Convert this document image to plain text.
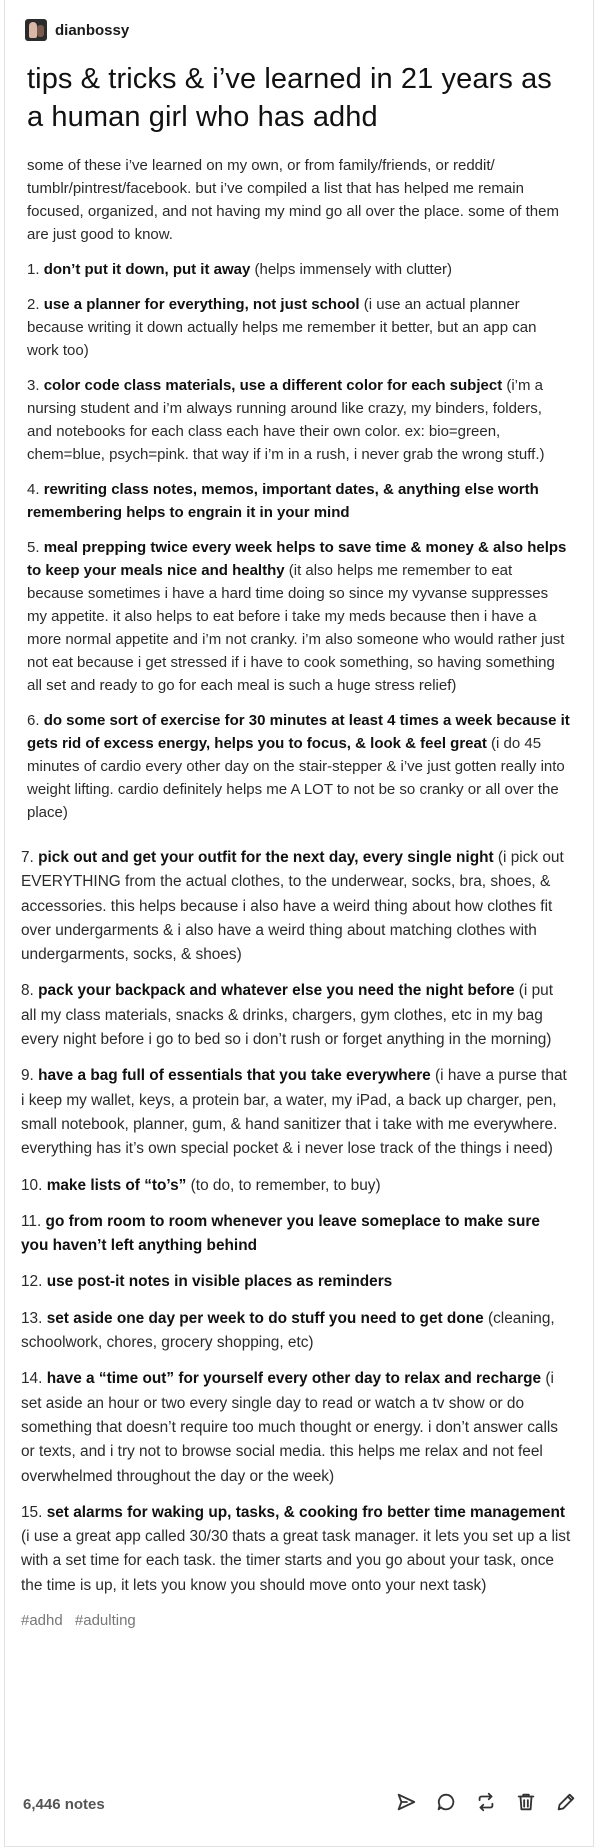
dianbossy
tips & tricks & i’ve learned in 21 years as a human girl who has adhd
some of these i’ve learned on my own, or from family/friends, or reddit/ tumblr/pintrest/facebook. but i’ve compiled a list that has helped me remain focused, organized, and not having my mind go all over the place. some of them are just good to know.
1. don’t put it down, put it away (helps immensely with clutter)
2. use a planner for everything, not just school (i use an actual planner because writing it down actually helps me remember it better, but an app can work too)
3. color code class materials, use a different color for each subject (i’m a nursing student and i’m always running around like crazy, my binders, folders, and notebooks for each class each have their own color. ex: bio=green, chem=blue, psych=pink. that way if i’m in a rush, i never grab the wrong stuff.)
4. rewriting class notes, memos, important dates, & anything else worth remembering helps to engrain it in your mind
5. meal prepping twice every week helps to save time & money & also helps to keep your meals nice and healthy (it also helps me remember to eat because sometimes i have a hard time doing so since my vyvanse suppresses my appetite. it also helps to eat before i take my meds because then i have a more normal appetite and i’m not cranky. i’m also someone who would rather just not eat because i get stressed if i have to cook something, so having something all set and ready to go for each meal is such a huge stress relief)
6. do some sort of exercise for 30 minutes at least 4 times a week because it gets rid of excess energy, helps you to focus, & look & feel great (i do 45 minutes of cardio every other day on the stair-stepper & i’ve just gotten really into weight lifting. cardio definitely helps me A LOT to not be so cranky or all over the place)
7. pick out and get your outfit for the next day, every single night (i pick out EVERYTHING from the actual clothes, to the underwear, socks, bra, shoes, & accessories. this helps because i also have a weird thing about how clothes fit over undergarments & i also have a weird thing about matching clothes with undergarments, socks, & shoes)
8. pack your backpack and whatever else you need the night before (i put all my class materials, snacks & drinks, chargers, gym clothes, etc in my bag every night before i go to bed so i don’t rush or forget anything in the morning)
9. have a bag full of essentials that you take everywhere (i have a purse that i keep my wallet, keys, a protein bar, a water, my iPad, a back up charger, pen, small notebook, planner, gum, & hand sanitizer that i take with me everywhere. everything has it’s own special pocket & i never lose track of the things i need)
10. make lists of “to’s” (to do, to remember, to buy)
11. go from room to room whenever you leave someplace to make sure you haven’t left anything behind
12. use post-it notes in visible places as reminders
13. set aside one day per week to do stuff you need to get done (cleaning, schoolwork, chores, grocery shopping, etc)
14. have a “time out” for yourself every other day to relax and recharge (i set aside an hour or two every single day to read or watch a tv show or do something that doesn’t require too much thought or energy. i don’t answer calls or texts, and i try not to browse social media. this helps me relax and not feel overwhelmed throughout the day or the week)
15. set alarms for waking up, tasks, & cooking fro better time management (i use a great app called 30/30 thats a great task manager. it lets you set up a list with a set time for each task. the timer starts and you go about your task, once the time is up, it lets you know you should move onto your next task)
#adhd #adulting
6,446 notes
